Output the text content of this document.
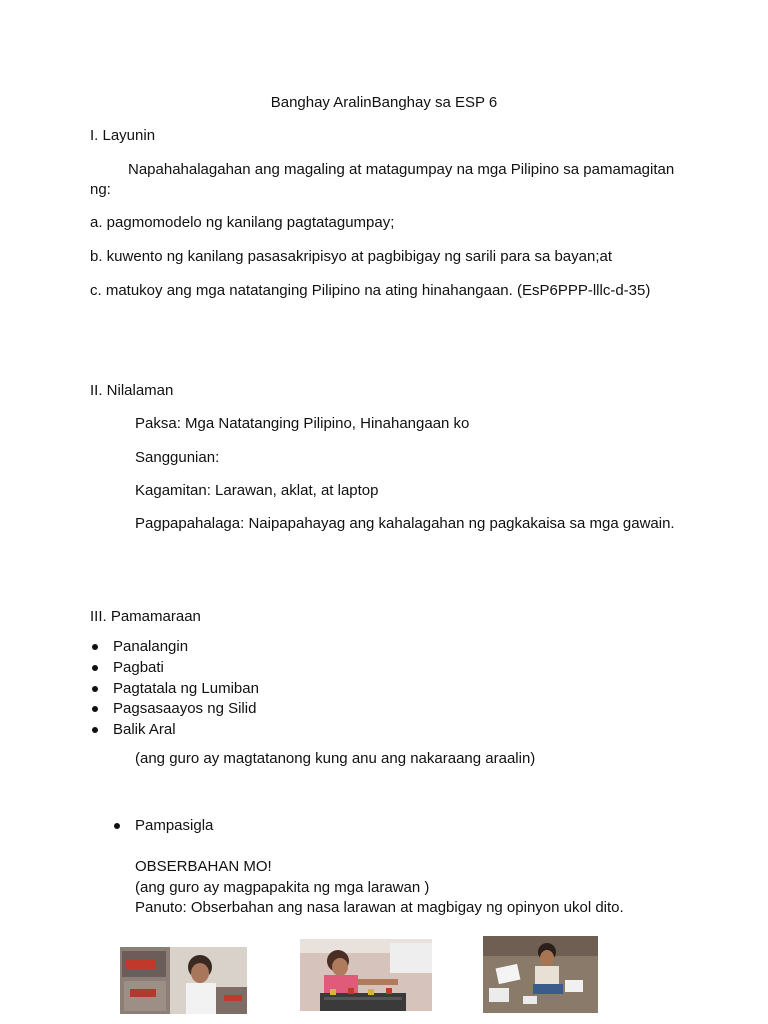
Banghay AralinBanghay sa ESP 6
I. Layunin
Napahahalagahan ang magaling at matagumpay na mga Pilipino sa pamamagitan
ng:
a. pagmomodelo ng kanilang pagtatagumpay;
b. kuwento ng kanilang pasasakripisyo at pagbibigay ng sarili para sa bayan;at
c. matukoy ang mga natatanging Pilipino na ating hinahangaan. (EsP6PPP-lllc-d-35)
II. Nilalaman
Paksa: Mga Natatanging Pilipino, Hinahangaan ko
Sanggunian:
Kagamitan: Larawan, aklat, at laptop
Pagpapahalaga: Naipapahayag ang kahalagahan ng pagkakaisa sa mga gawain.
III. Pamamaraan
Panalangin
Pagbati
Pagtatala ng Lumiban
Pagsasaayos ng Silid
Balik Aral
(ang guro ay magtatanong kung anu ang nakaraang araalin)
Pampasigla
OBSERBAHAN MO!
(ang guro ay magpapakita ng mga larawan )
Panuto: Obserbahan ang nasa larawan at magbigay ng opinyon ukol dito.
